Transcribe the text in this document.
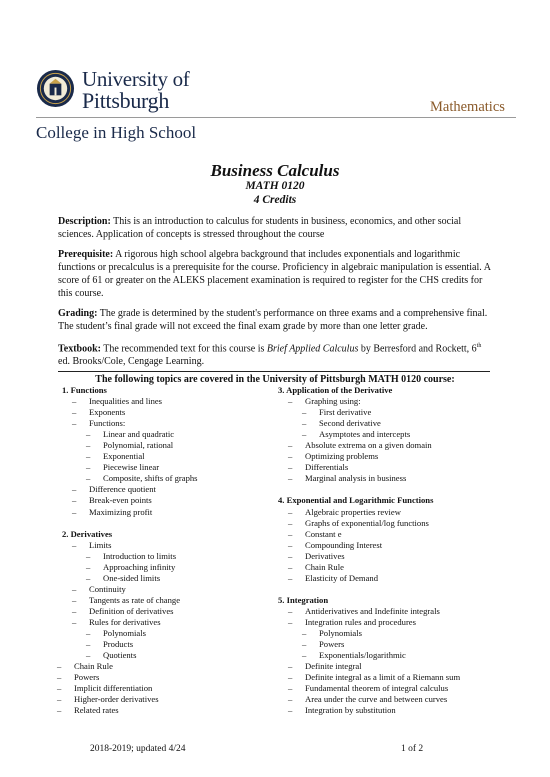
University of
Pittsburgh	Mathematics
College in High School
Business Calculus
MATH 0120
4 Credits
Description: This is an introduction to calculus for students in business, economics, and other social sciences. Application of concepts is stressed throughout the course
Prerequisite: A rigorous high school algebra background that includes exponentials and logarithmic functions or precalculus is a prerequisite for the course. Proficiency in algebraic manipulation is essential. A score of 61 or greater on the ALEKS placement examination is required to register for the CHS credits for this course.
Grading: The grade is determined by the student's performance on three exams and a comprehensive final. The student’s final grade will not exceed the final exam grade by more than one letter grade.
Textbook: The recommended text for this course is Brief Applied Calculus by Berresford and Rockett, 6th ed. Brooks/Cole, Cengage Learning.
The following topics are covered in the University of Pittsburgh MATH 0120 course:
1. Functions
– Inequalities and lines
– Exponents
– Functions:
– Linear and quadratic
– Polynomial, rational
– Exponential
– Piecewise linear
– Composite, shifts of graphs
– Difference quotient
– Break-even points
– Maximizing profit
2. Derivatives
– Limits
– Introduction to limits
– Approaching infinity
– One-sided limits
– Continuity
– Tangents as rate of change
– Definition of derivatives
– Rules for derivatives
– Polynomials
– Products
– Quotients
– Chain Rule
– Powers
– Implicit differentiation
– Higher-order derivatives
– Related rates
3. Application of the Derivative
– Graphing using:
– First derivative
– Second derivative
– Asymptotes and intercepts
– Absolute extrema on a given domain
– Optimizing problems
– Differentials
– Marginal analysis in business
4. Exponential and Logarithmic Functions
– Algebraic properties review
– Graphs of exponential/log functions
– Constant e
– Compounding Interest
– Derivatives
– Chain Rule
– Elasticity of Demand
5. Integration
– Antiderivatives and Indefinite integrals
– Integration rules and procedures
– Polynomials
– Powers
– Exponentials/logarithmic
– Definite integral
– Definite integral as a limit of a Riemann sum
– Fundamental theorem of integral calculus
– Area under the curve and between curves
– Integration by substitution
2018-2019; updated 4/24	1 of 2
